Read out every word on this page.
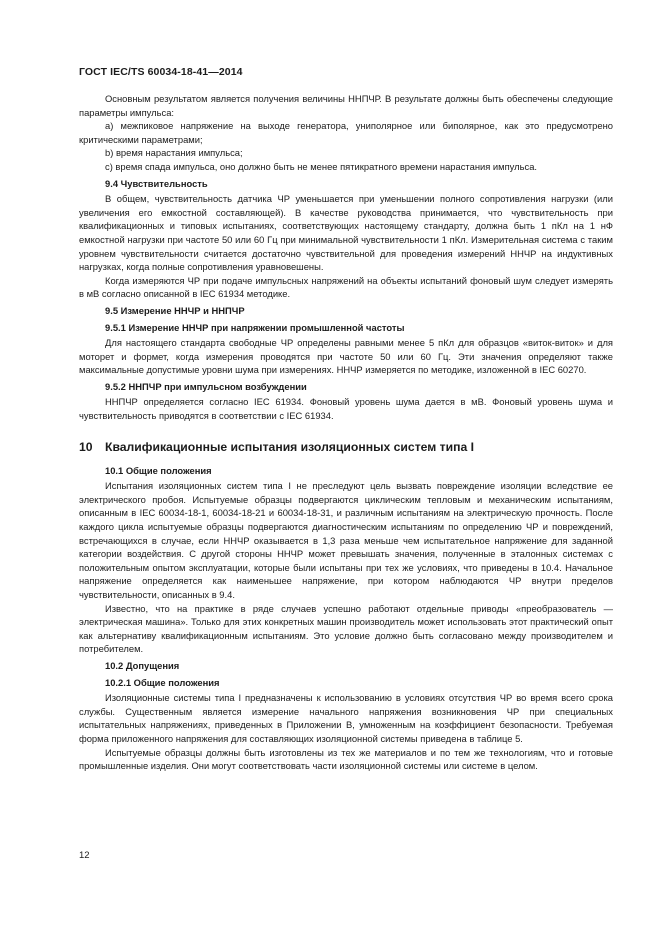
ГОСТ IEC/TS 60034-18-41—2014

Основным результатом является получения величины ННПЧР. В результате должны быть обеспечены следующие параметры импульса:

а) межпиковое напряжение на выходе генератора, униполярное или биполярное, как это предусмотрено критическими параметрами;

b) время нарастания импульса;

с) время спада импульса, оно должно быть не менее пятикратного времени нарастания импульса.

9.4 Чувствительность

В общем, чувствительность датчика ЧР уменьшается при уменьшении полного сопротивления нагрузки (или увеличения его емкостной составляющей). В качестве руководства принимается, что чувствительность при квалификационных и типовых испытаниях, соответствующих настоящему стандарту, должна быть 1 пКл на 1 нФ емкостной нагрузки при частоте 50 или 60 Гц при минимальной чувствительности 1 пКл. Измерительная система с таким уровнем чувствительности считается достаточно чувствительной для проведения измерений ННЧР на индуктивных нагрузках, когда полные сопротивления уравновешены.

Когда измеряются ЧР при подаче импульсных напряжений на объекты испытаний фоновый шум следует измерять в мВ согласно описанной в IEC 61934 методике.

9.5 Измерение ННЧР и ННПЧР
9.5.1 Измерение ННЧР при напряжении промышленной частоты

Для настоящего стандарта свободные ЧР определены равными менее 5 пКл для образцов «виток-виток» и для моторет и формет, когда измерения проводятся при частоте 50 или 60 Гц. Эти значения определяют также максимальные допустимые уровни шума при измерениях. ННЧР измеряется по методике, изложенной в IEC 60270.

9.5.2 ННПЧР при импульсном возбуждении

ННПЧР определяется согласно IEC 61934. Фоновый уровень шума дается в мВ. Фоновый уровень шума и чувствительность приводятся в соответствии с IEC 61934.

10 Квалификационные испытания изоляционных систем типа I
10.1 Общие положения

Испытания изоляционных систем типа I не преследуют цель вызвать повреждение изоляции вследствие ее электрического пробоя. Испытуемые образцы подвергаются циклическим тепловым и механическим испытаниям, описанным в IEC 60034-18-1, 60034-18-21 и 60034-18-31, и различным испытаниям на электрическую прочность. После каждого цикла испытуемые образцы подвергаются диагностическим испытаниям по определению ЧР и повреждений, встречающихся в случае, если ННЧР оказывается в 1,3 раза меньше чем испытательное напряжение для заданной категории воздействия. С другой стороны ННЧР может превышать значения, полученные в эталонных системах с положительным опытом эксплуатации, которые были испытаны при тех же условиях, что приведены в 10.4. Начальное напряжение определяется как наименьшее напряжение, при котором наблюдаются ЧР внутри пределов чувствительности, описанных в 9.4.

Известно, что на практике в ряде случаев успешно работают отдельные приводы «преобразователь — электрическая машина». Только для этих конкретных машин производитель может использовать этот практический опыт как альтернативу квалификационным испытаниям. Это условие должно быть согласовано между производителем и потребителем.

10.2 Допущения
10.2.1 Общие положения

Изоляционные системы типа I предназначены к использованию в условиях отсутствия ЧР во время всего срока службы. Существенным является измерение начального напряжения возникновения ЧР при специальных испытательных напряжениях, приведенных в Приложении В, умноженным на коэффициент безопасности. Требуемая форма приложенного напряжения для составляющих изоляционной системы приведена в таблице 5.

Испытуемые образцы должны быть изготовлены из тех же материалов и по тем же технологиям, что и готовые промышленные изделия. Они могут соответствовать части изоляционной системы или системе в целом.

12
